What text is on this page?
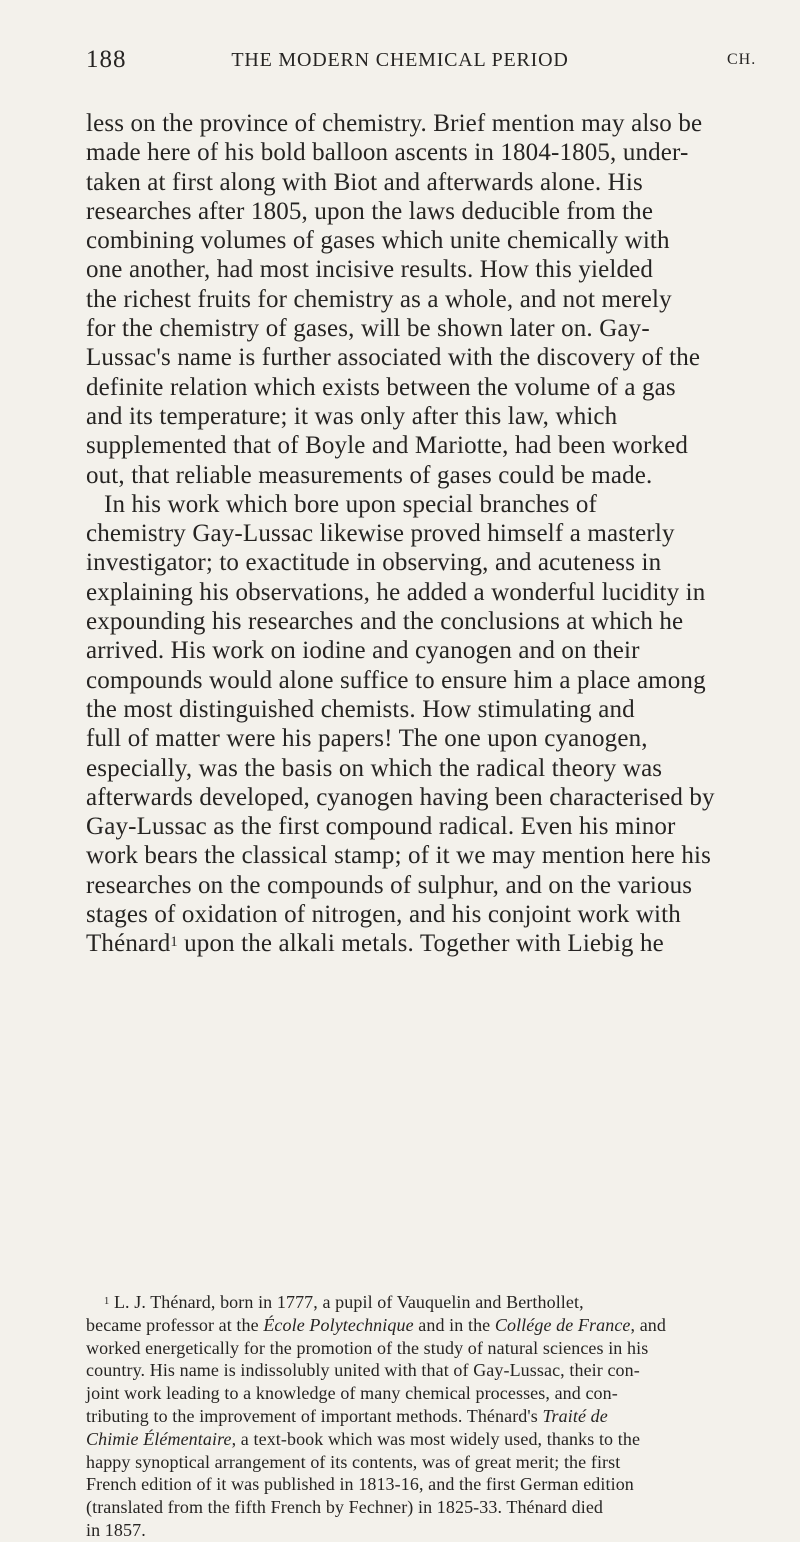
188	THE MODERN CHEMICAL PERIOD	CH.
less on the province of chemistry. Brief mention may also be
made here of his bold balloon ascents in 1804-1805, under-
taken at first along with Biot and afterwards alone. His
researches after 1805, upon the laws deducible from the
combining volumes of gases which unite chemically with
one another, had most incisive results. How this yielded
the richest fruits for chemistry as a whole, and not merely
for the chemistry of gases, will be shown later on. Gay-
Lussac's name is further associated with the discovery of the
definite relation which exists between the volume of a gas
and its temperature; it was only after this law, which
supplemented that of Boyle and Mariotte, had been worked
out, that reliable measurements of gases could be made.
In his work which bore upon special branches of
chemistry Gay-Lussac likewise proved himself a masterly
investigator; to exactitude in observing, and acuteness in
explaining his observations, he added a wonderful lucidity in
expounding his researches and the conclusions at which he
arrived. His work on iodine and cyanogen and on their
compounds would alone suffice to ensure him a place among
the most distinguished chemists. How stimulating and
full of matter were his papers! The one upon cyanogen,
especially, was the basis on which the radical theory was
afterwards developed, cyanogen having been characterised by
Gay-Lussac as the first compound radical. Even his minor
work bears the classical stamp; of it we may mention here his
researches on the compounds of sulphur, and on the various
stages of oxidation of nitrogen, and his conjoint work with
Thénard$^1$ upon the alkali metals. Together with Liebig he
$^1$ L. J. Thénard, born in 1777, a pupil of Vauquelin and Berthollet,
became professor at the École Polytechnique and in the Collége de France, and
worked energetically for the promotion of the study of natural sciences in his
country. His name is indissolubly united with that of Gay-Lussac, their con-
joint work leading to a knowledge of many chemical processes, and con-
tributing to the improvement of important methods. Thénard's Traité de
Chimie Élémentaire, a text-book which was most widely used, thanks to the
happy synoptical arrangement of its contents, was of great merit; the first
French edition of it was published in 1813-16, and the first German edition
(translated from the fifth French by Fechner) in 1825-33. Thénard died
in 1857.
